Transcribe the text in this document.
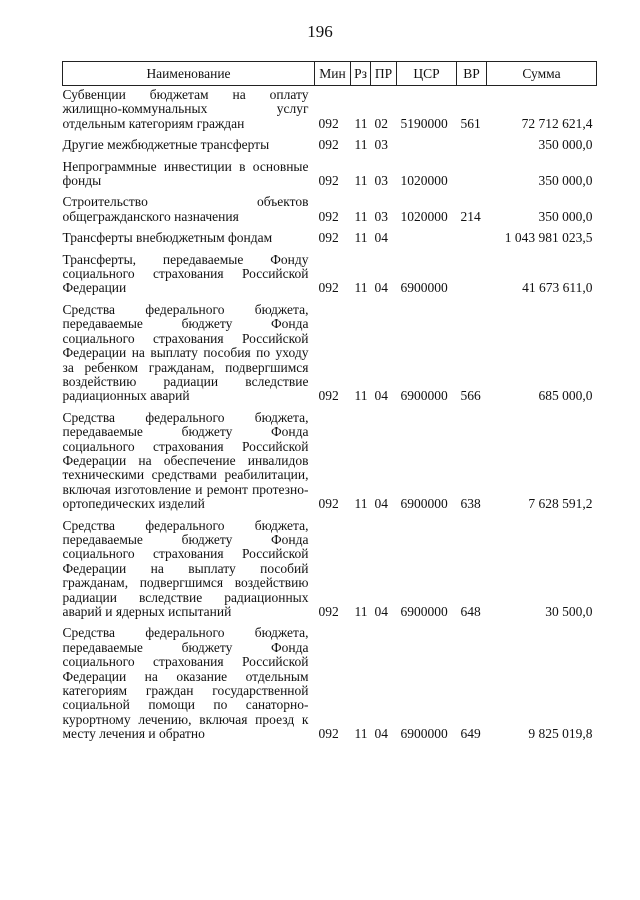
196
Наименование	Мин	Рз	ПР	ЦСР	ВР	Сумма
Субвенции бюджетам на оплату жилищно-коммунальных услуг отдельным категориям граждан	092	11	02	5190000	561	72 712 621,4
Другие межбюджетные трансферты	092	11	03			350 000,0
Непрограммные инвестиции в основные фонды	092	11	03	1020000		350 000,0
Строительство объектов общегражданского назначения	092	11	03	1020000	214	350 000,0
Трансферты внебюджетным фондам	092	11	04			1 043 981 023,5
Трансферты, передаваемые Фонду социального страхования Российской Федерации	092	11	04	6900000		41 673 611,0
Средства федерального бюджета, передаваемые бюджету Фонда социального страхования Российской Федерации на выплату пособия по уходу за ребенком гражданам, подвергшимся воздействию радиации вследствие радиационных аварий	092	11	04	6900000	566	685 000,0
Средства федерального бюджета, передаваемые бюджету Фонда социального страхования Российской Федерации на обеспечение инвалидов техническими средствами реабилитации, включая изготовление и ремонт протезно-ортопедических изделий	092	11	04	6900000	638	7 628 591,2
Средства федерального бюджета, передаваемые бюджету Фонда социального страхования Российской Федерации на выплату пособий гражданам, подвергшимся воздействию радиации вследствие радиационных аварий и ядерных испытаний	092	11	04	6900000	648	30 500,0
Средства федерального бюджета, передаваемые бюджету Фонда социального страхования Российской Федерации на оказание отдельным категориям граждан государственной социальной помощи по санаторно-курортному лечению, включая проезд к месту лечения и обратно	092	11	04	6900000	649	9 825 019,8
